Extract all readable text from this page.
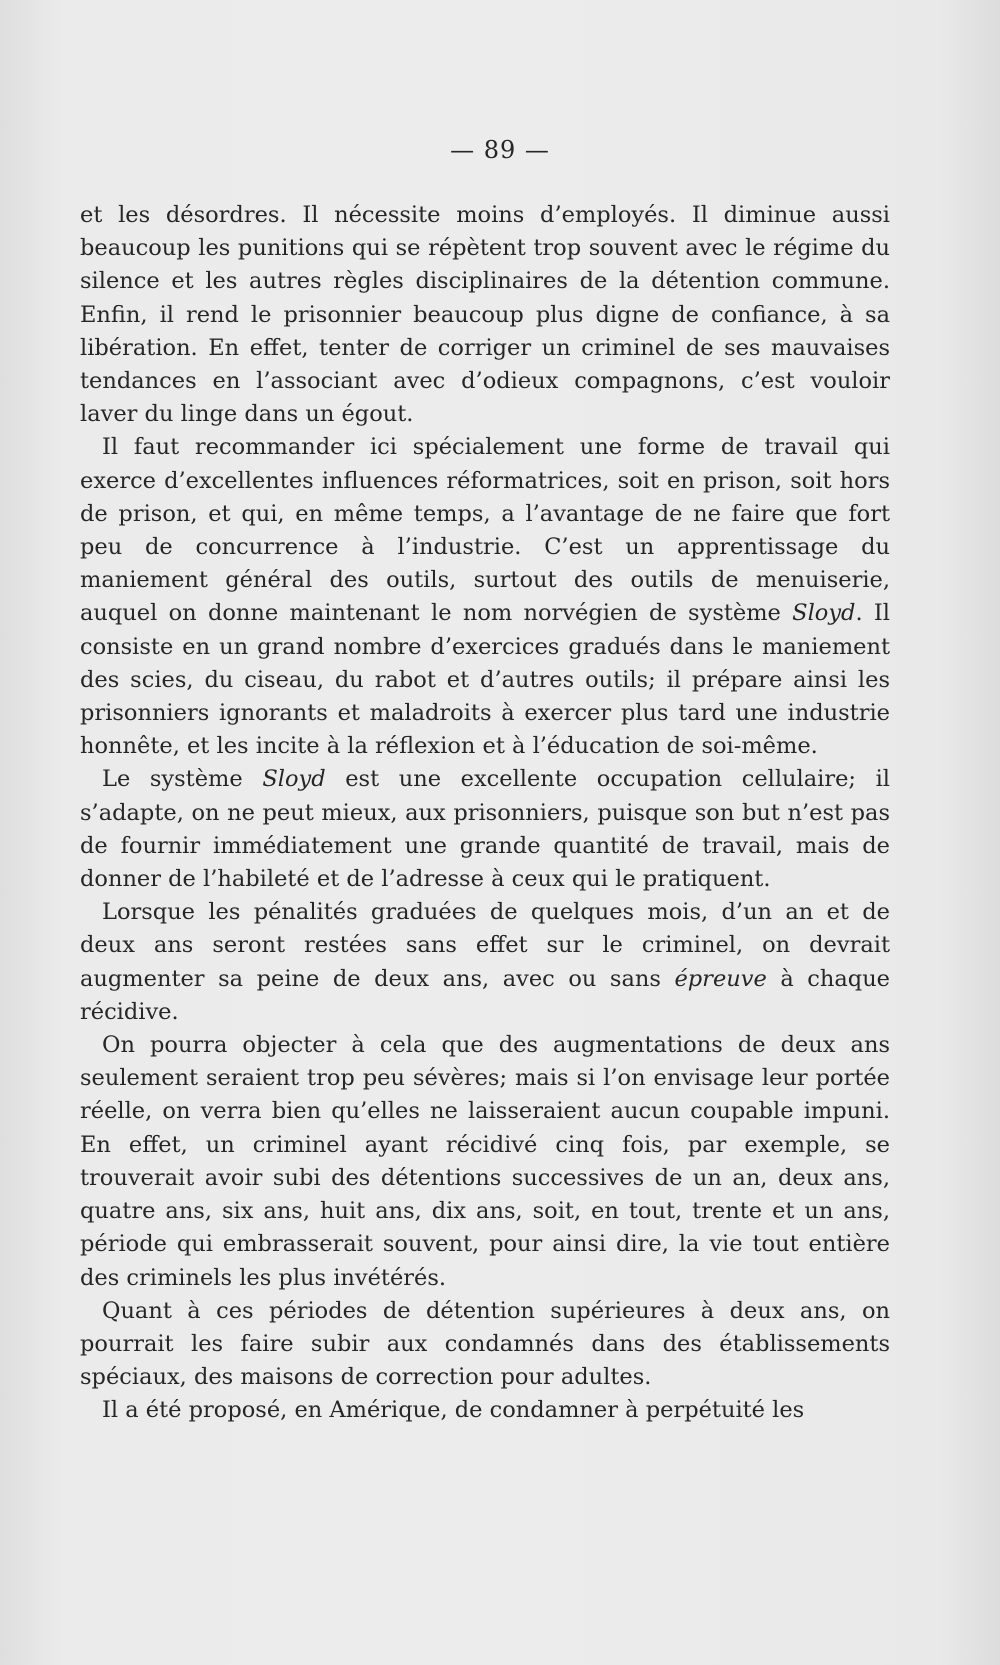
— 89 —

et les désordres. Il nécessite moins d’employés. Il diminue aussi beaucoup les punitions qui se répètent trop souvent avec le régime du silence et les autres règles disciplinaires de la détention commune. Enfin, il rend le prisonnier beaucoup plus digne de confiance, à sa libération. En effet, tenter de corriger un criminel de ses mauvaises tendances en l’associant avec d’odieux compagnons, c’est vouloir laver du linge dans un égout.

Il faut recommander ici spécialement une forme de travail qui exerce d’excellentes influences réformatrices, soit en prison, soit hors de prison, et qui, en même temps, a l’avantage de ne faire que fort peu de concurrence à l’industrie. C’est un apprentissage du maniement général des outils, surtout des outils de menuiserie, auquel on donne maintenant le nom norvégien de système Sloyd. Il consiste en un grand nombre d’exercices gradués dans le maniement des scies, du ciseau, du rabot et d’autres outils; il prépare ainsi les prisonniers ignorants et maladroits à exercer plus tard une industrie honnête, et les incite à la réflexion et à l’éducation de soi-même.

Le système Sloyd est une excellente occupation cellulaire; il s’adapte, on ne peut mieux, aux prisonniers, puisque son but n’est pas de fournir immédiatement une grande quantité de travail, mais de donner de l’habileté et de l’adresse à ceux qui le pratiquent.

Lorsque les pénalités graduées de quelques mois, d’un an et de deux ans seront restées sans effet sur le criminel, on devrait augmenter sa peine de deux ans, avec ou sans épreuve à chaque récidive.

On pourra objecter à cela que des augmentations de deux ans seulement seraient trop peu sévères; mais si l’on envisage leur portée réelle, on verra bien qu’elles ne laisseraient aucun coupable impuni. En effet, un criminel ayant récidivé cinq fois, par exemple, se trouverait avoir subi des détentions successives de un an, deux ans, quatre ans, six ans, huit ans, dix ans, soit, en tout, trente et un ans, période qui embrasserait souvent, pour ainsi dire, la vie tout entière des criminels les plus invétérés.

Quant à ces périodes de détention supérieures à deux ans, on pourrait les faire subir aux condamnés dans des établissements spéciaux, des maisons de correction pour adultes.

Il a été proposé, en Amérique, de condamner à perpétuité les
